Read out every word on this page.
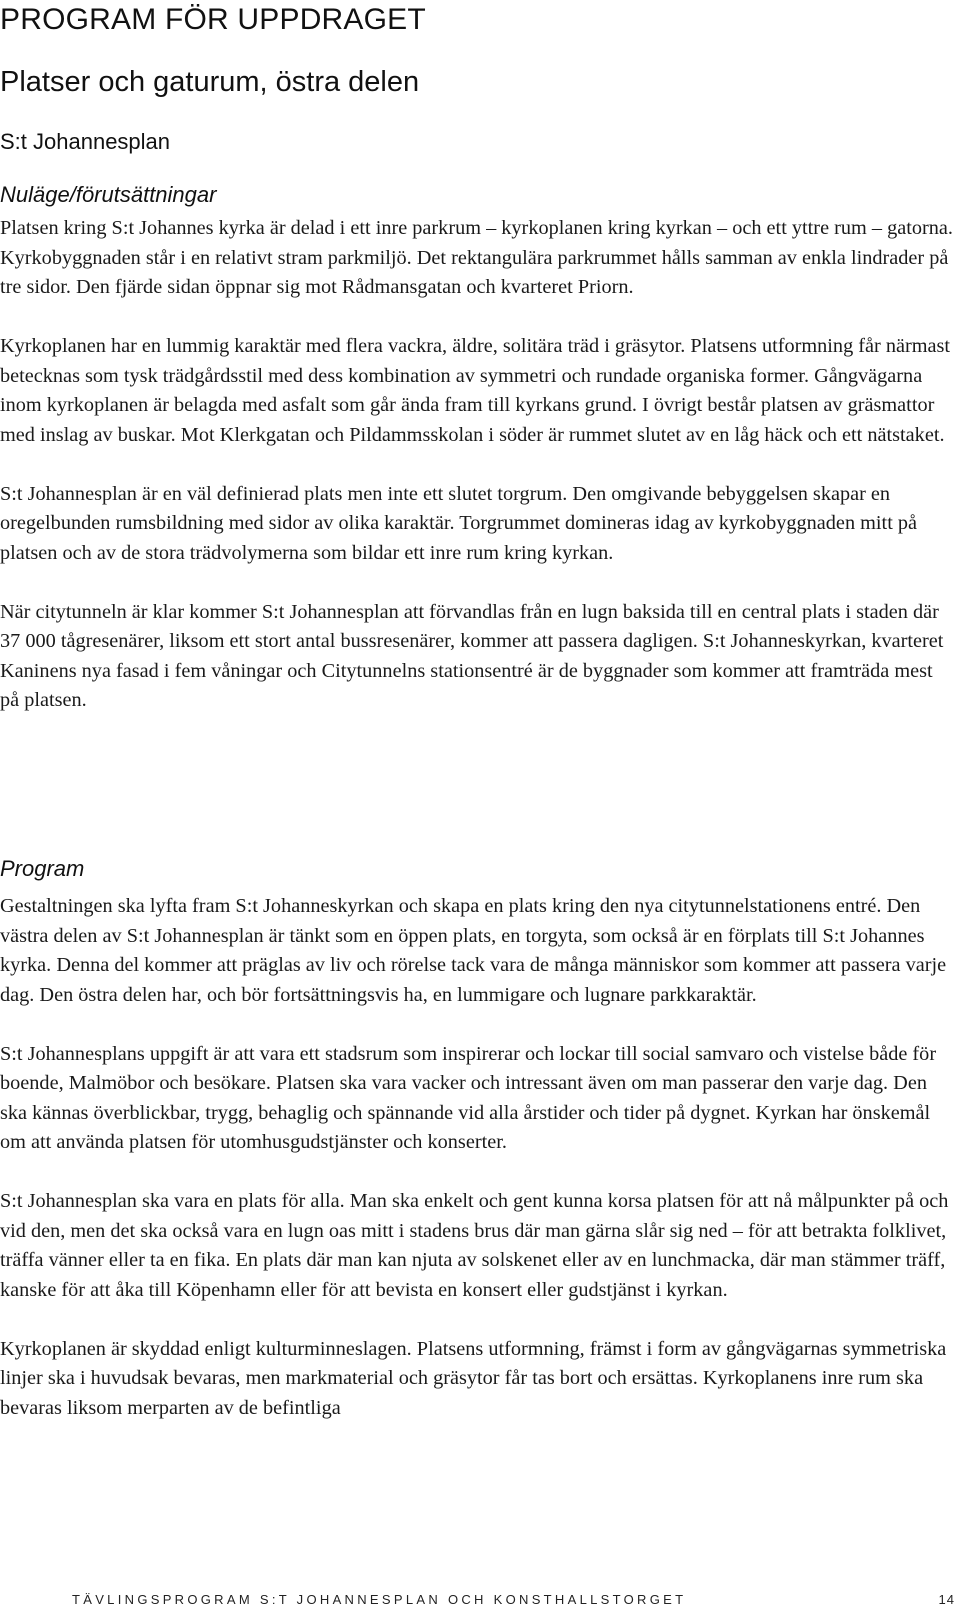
PROGRAM FÖR UPPDRAGET
Platser och gaturum, östra delen
S:t Johannesplan
Nuläge/förutsättningar

Platsen kring S:t Johannes kyrka är delad i ett inre parkrum – kyrkoplanen kring kyrkan – och ett yttre rum – gatorna. Kyrkobyggnaden står i en relativt stram parkmiljö. Det rektangulära parkrummet hålls samman av enkla lindrader på tre sidor. Den fjärde sidan öppnar sig mot Rådmansgatan och kvarteret Priorn.

Kyrkoplanen har en lummig karaktär med flera vackra, äldre, solitära träd i gräsytor. Platsens utformning får närmast betecknas som tysk trädgårdsstil med dess kombination av symmetri och rundade organiska former. Gångvägarna inom kyrkoplanen är belagda med asfalt som går ända fram till kyrkans grund. I övrigt består platsen av gräsmattor med inslag av buskar. Mot Klerkgatan och Pildammsskolan i söder är rummet slutet av en låg häck och ett nätstaket.

S:t Johannesplan är en väl definierad plats men inte ett slutet torgrum. Den omgivande bebyggelsen skapar en oregelbunden rumsbildning med sidor av olika karaktär. Torgrummet domineras idag av kyrkobyggnaden mitt på platsen och av de stora trädvolymerna som bildar ett inre rum kring kyrkan.

När citytunneln är klar kommer S:t Johannesplan att förvandlas från en lugn baksida till en central plats i staden där 37 000 tågresenärer, liksom ett stort antal bussresenärer, kommer att passera dagligen. S:t Johanneskyrkan, kvarteret Kaninens nya fasad i fem våningar och Citytunnelns stationsentré är de byggnader som kommer att framträda mest på platsen.

Program

Gestaltningen ska lyfta fram S:t Johanneskyrkan och skapa en plats kring den nya citytunnelstationens entré. Den västra delen av S:t Johannesplan är tänkt som en öppen plats, en torgyta, som också är en förplats till S:t Johannes kyrka. Denna del kommer att präglas av liv och rörelse tack vara de många människor som kommer att passera varje dag. Den östra delen har, och bör fortsättningsvis ha, en lummigare och lugnare parkkaraktär.

S:t Johannesplans uppgift är att vara ett stadsrum som inspirerar och lockar till social samvaro och vistelse både för boende, Malmöbor och besökare. Platsen ska vara vacker och intressant även om man passerar den varje dag. Den ska kännas överblickbar, trygg, behaglig och spännande vid alla årstider och tider på dygnet. Kyrkan har önskemål om att använda platsen för utomhusgudstjänster och konserter.

S:t Johannesplan ska vara en plats för alla. Man ska enkelt och gent kunna korsa platsen för att nå målpunkter på och vid den, men det ska också vara en lugn oas mitt i stadens brus där man gärna slår sig ned – för att betrakta folklivet, träffa vänner eller ta en fika. En plats där man kan njuta av solskenet eller av en lunchmacka, där man stämmer träff, kanske för att åka till Köpenhamn eller för att bevista en konsert eller gudstjänst i kyrkan.

Kyrkoplanen är skyddad enligt kulturminneslagen. Platsens utformning, främst i form av gångvägarnas symmetriska linjer ska i huvudsak bevaras, men markmaterial och gräsytor får tas bort och ersättas. Kyrkoplanens inre rum ska bevaras liksom merparten av de befintliga

TÄVLINGSPROGRAM S:T JOHANNESPLAN OCH KONSTHALLSTORGET	14
